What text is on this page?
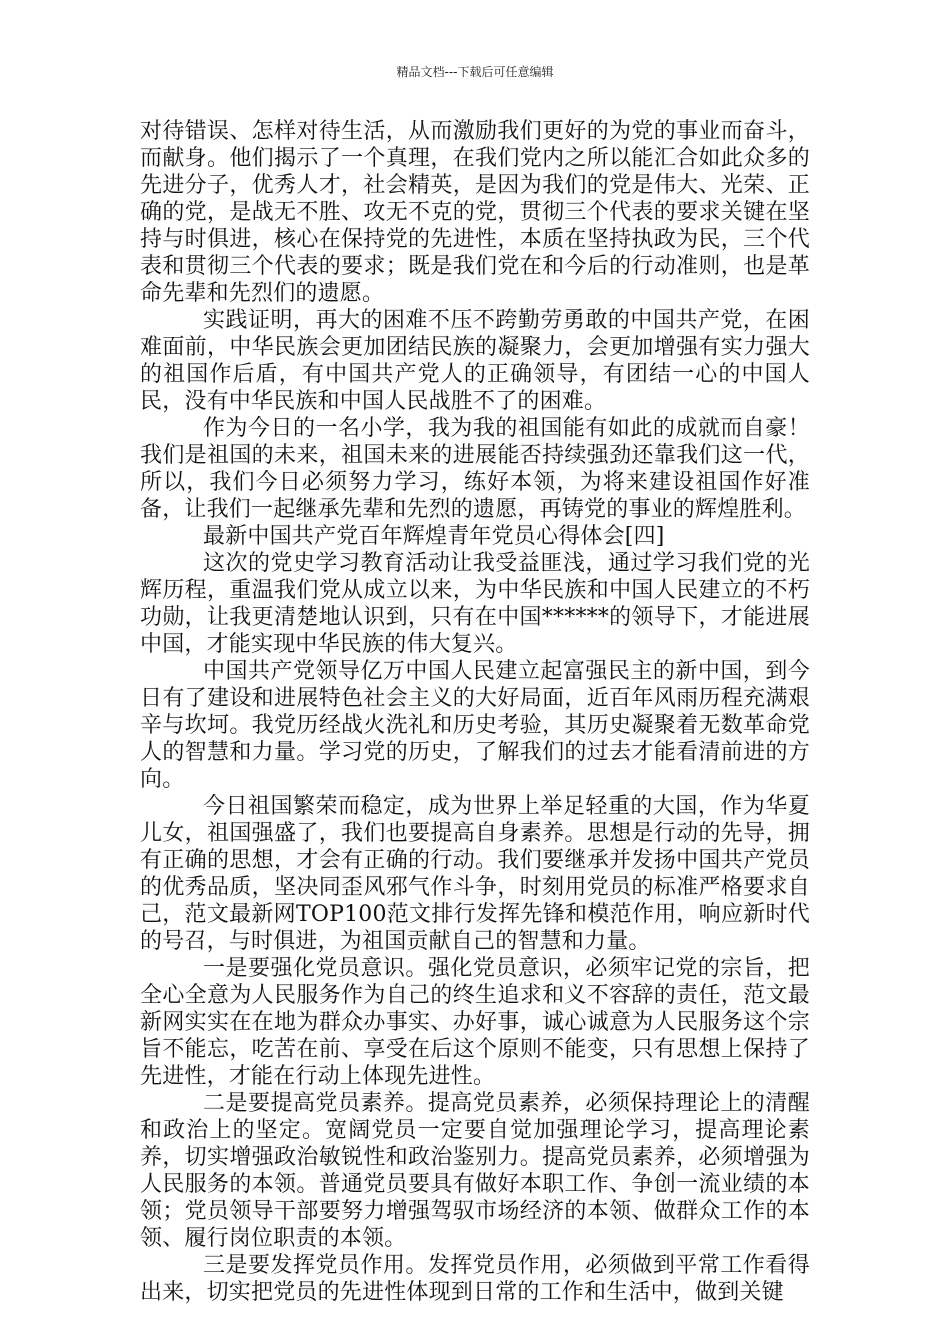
精品文档---下载后可任意编辑

对待错误、怎样对待生活，从而激励我们更好的为党的事业而奋斗，而献身。他们揭示了一个真理，在我们党内之所以能汇合如此众多的先进分子，优秀人才，社会精英，是因为我们的党是伟大、光荣、正确的党，是战无不胜、攻无不克的党，贯彻三个代表的要求关键在坚持与时俱进，核心在保持党的先进性，本质在坚持执政为民，三个代表和贯彻三个代表的要求；既是我们党在和今后的行动准则，也是革命先辈和先烈们的遗愿。

实践证明，再大的困难不压不跨勤劳勇敢的中国共产党，在困难面前，中华民族会更加团结民族的凝聚力，会更加增强有实力强大的祖国作后盾，有中国共产党人的正确领导，有团结一心的中国人民，没有中华民族和中国人民战胜不了的困难。

作为今日的一名小学，我为我的祖国能有如此的成就而自豪！我们是祖国的未来，祖国未来的进展能否持续强劲还靠我们这一代，所以，我们今日必须努力学习，练好本领，为将来建设祖国作好准备，让我们一起继承先辈和先烈的遗愿，再铸党的事业的辉煌胜利。

最新中国共产党百年辉煌青年党员心得体会[四]

这次的党史学习教育活动让我受益匪浅，通过学习我们党的光辉历程，重温我们党从成立以来，为中华民族和中国人民建立的不朽功勋，让我更清楚地认识到，只有在中国******的领导下，才能进展中国，才能实现中华民族的伟大复兴。

中国共产党领导亿万中国人民建立起富强民主的新中国，到今日有了建设和进展特色社会主义的大好局面，近百年风雨历程充满艰辛与坎坷。我党历经战火洗礼和历史考验，其历史凝聚着无数革命党人的智慧和力量。学习党的历史，了解我们的过去才能看清前进的方向。

今日祖国繁荣而稳定，成为世界上举足轻重的大国，作为华夏儿女，祖国强盛了，我们也要提高自身素养。思想是行动的先导，拥有正确的思想，才会有正确的行动。我们要继承并发扬中国共产党员的优秀品质，坚决同歪风邪气作斗争，时刻用党员的标准严格要求自己，范文最新网TOP100范文排行发挥先锋和模范作用，响应新时代的号召，与时俱进，为祖国贡献自己的智慧和力量。

一是要强化党员意识。强化党员意识，必须牢记党的宗旨，把全心全意为人民服务作为自己的终生追求和义不容辞的责任，范文最新网实实在在地为群众办事实、办好事，诚心诚意为人民服务这个宗旨不能忘，吃苦在前、享受在后这个原则不能变，只有思想上保持了先进性，才能在行动上体现先进性。

二是要提高党员素养。提高党员素养，必须保持理论上的清醒和政治上的坚定。宽阔党员一定要自觉加强理论学习，提高理论素养，切实增强政治敏锐性和政治鉴别力。提高党员素养，必须增强为人民服务的本领。普通党员要具有做好本职工作、争创一流业绩的本领；党员领导干部要努力增强驾驭市场经济的本领、做群众工作的本领、履行岗位职责的本领。

三是要发挥党员作用。发挥党员作用，必须做到平常工作看得出来，切实把党员的先进性体现到日常的工作和生活中，做到关键
